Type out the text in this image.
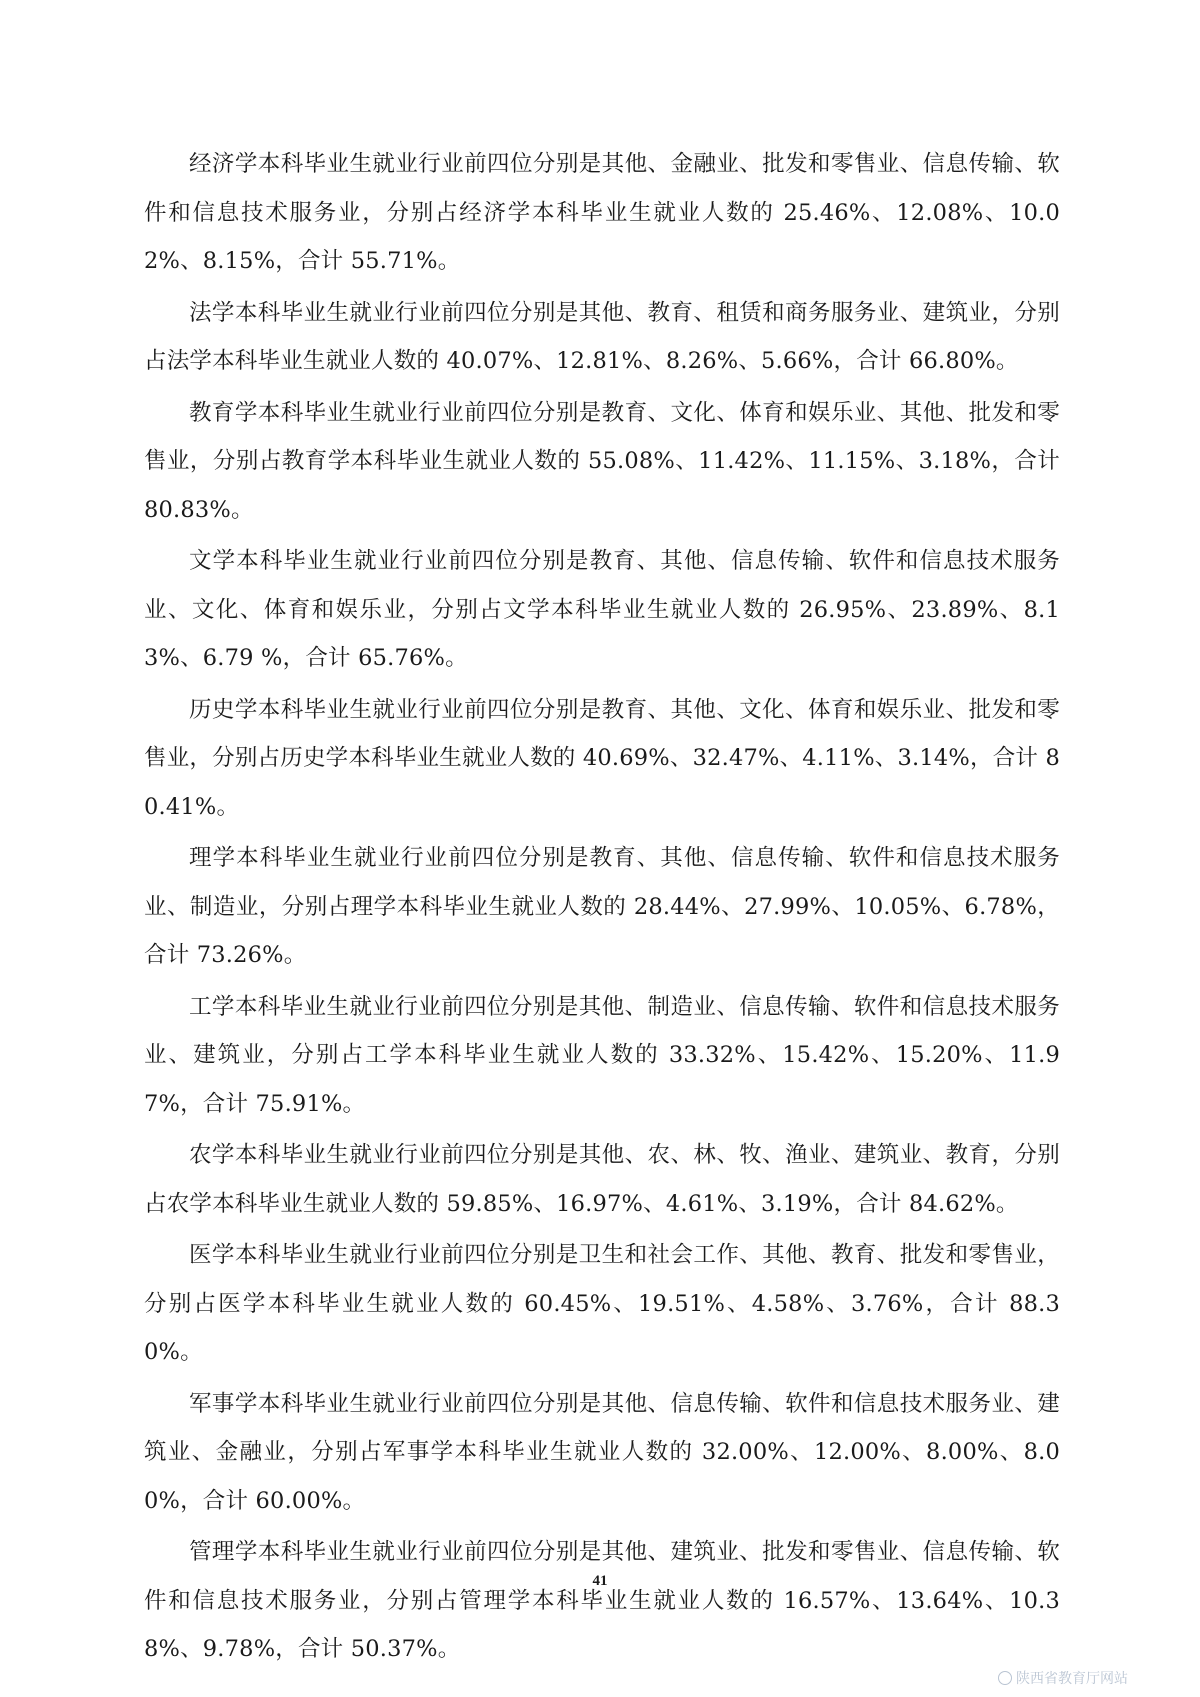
经济学本科毕业生就业行业前四位分别是其他、金融业、批发和零售业、信息传输、软件和信息技术服务业，分别占经济学本科毕业生就业人数的 25.46%、12.08%、10.02%、8.15%，合计 55.71%。

法学本科毕业生就业行业前四位分别是其他、教育、租赁和商务服务业、建筑业，分别占法学本科毕业生就业人数的 40.07%、12.81%、8.26%、5.66%，合计 66.80%。

教育学本科毕业生就业行业前四位分别是教育、文化、体育和娱乐业、其他、批发和零售业，分别占教育学本科毕业生就业人数的 55.08%、11.42%、11.15%、3.18%，合计 80.83%。

文学本科毕业生就业行业前四位分别是教育、其他、信息传输、软件和信息技术服务业、文化、体育和娱乐业，分别占文学本科毕业生就业人数的 26.95%、23.89%、8.13%、6.79 %，合计 65.76%。

历史学本科毕业生就业行业前四位分别是教育、其他、文化、体育和娱乐业、批发和零售业，分别占历史学本科毕业生就业人数的 40.69%、32.47%、4.11%、3.14%，合计 80.41%。

理学本科毕业生就业行业前四位分别是教育、其他、信息传输、软件和信息技术服务业、制造业，分别占理学本科毕业生就业人数的 28.44%、27.99%、10.05%、6.78%，合计 73.26%。

工学本科毕业生就业行业前四位分别是其他、制造业、信息传输、软件和信息技术服务业、建筑业，分别占工学本科毕业生就业人数的 33.32%、15.42%、15.20%、11.97%，合计 75.91%。

农学本科毕业生就业行业前四位分别是其他、农、林、牧、渔业、建筑业、教育，分别占农学本科毕业生就业人数的 59.85%、16.97%、4.61%、3.19%，合计 84.62%。

医学本科毕业生就业行业前四位分别是卫生和社会工作、其他、教育、批发和零售业，分别占医学本科毕业生就业人数的 60.45%、19.51%、4.58%、3.76%，合计 88.30%。

军事学本科毕业生就业行业前四位分别是其他、信息传输、软件和信息技术服务业、建筑业、金融业，分别占军事学本科毕业生就业人数的 32.00%、12.00%、8.00%、8.00%，合计 60.00%。

管理学本科毕业生就业行业前四位分别是其他、建筑业、批发和零售业、信息传输、软件和信息技术服务业，分别占管理学本科毕业生就业人数的 16.57%、13.64%、10.38%、9.78%，合计 50.37%。

41
陕西省教育厅网站
